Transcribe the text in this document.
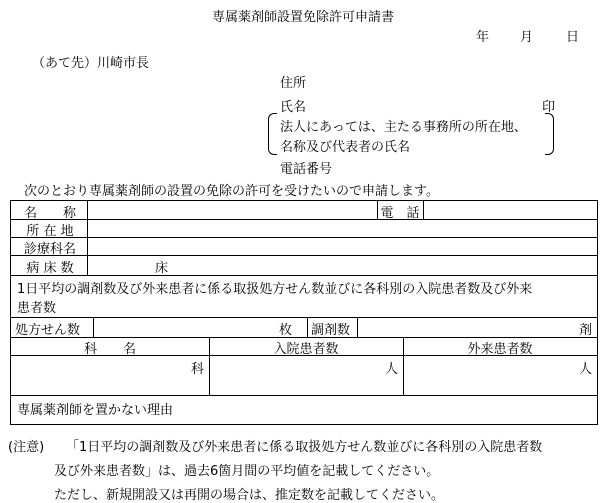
専属薬剤師設置免除許可申請書
年 月	日
（あて先）川崎市長
住所
氏名	印
法人にあっては、主たる事務所の所在地、
名称及び代表者の氏名
電話番号
次のとおり専属薬剤師の設置の免除の許可を受けたいので申請します。
名　　称	電　話
所 在 地
診療科名
病 床 数	床
1日平均の調剤数及び外来患者に係る取扱処方せん数並びに各科別の入院患者数及び外来
患者数
処方せん数	枚 調剤数	剤
科　　名	入院患者数	外来患者数
科	人	人
専属薬剤師を置かない理由
(注意) 「1日平均の調剤数及び外来患者に係る取扱処方せん数並びに各科別の入院患者数
及び外来患者数」は、過去6箇月間の平均値を記載してください。
ただし、新規開設又は再開の場合は、推定数を記載してください。
